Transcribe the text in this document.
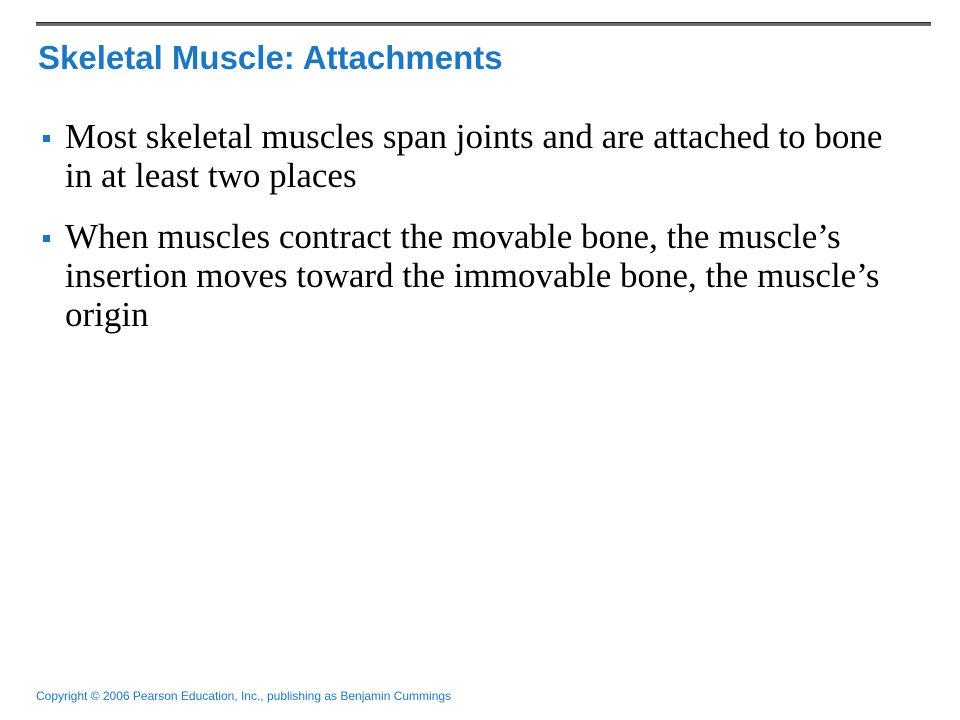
Skeletal Muscle: Attachments
Most skeletal muscles span joints and are attached to bone in at least two places
When muscles contract the movable bone, the muscle’s insertion moves toward the immovable bone, the muscle’s origin
Copyright © 2006 Pearson Education, Inc., publishing as Benjamin Cummings
